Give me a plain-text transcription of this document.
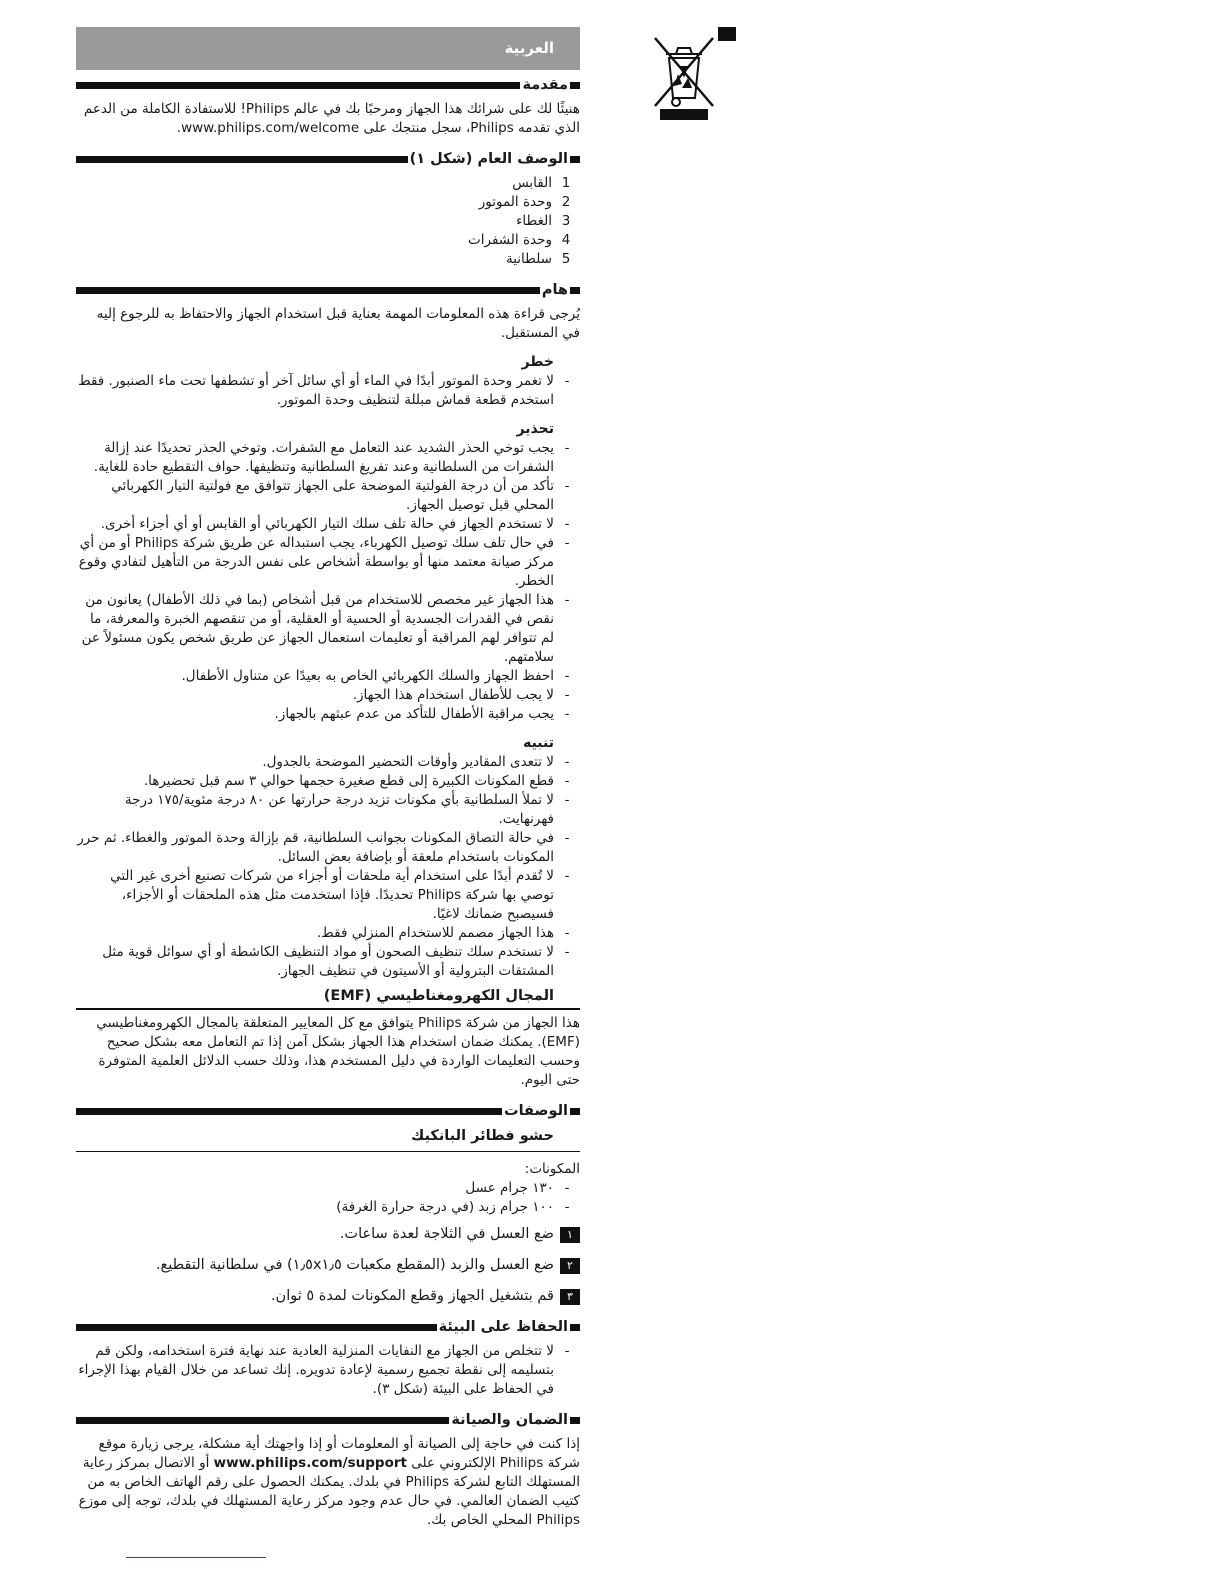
العربية
مقدمة
هنيئًا لك على شرائك هذا الجهاز ومرحبًا بك في عالم Philips! للاستفادة الكاملة من الدعم الذي تقدمه Philips، سجل منتجك على www.philips.com/welcome.
الوصف العام (شكل ١)
1
القابس
2
وحدة الموتور
3
الغطاء
4
وحدة الشفرات
5
سلطانية
هام
يُرجى قراءة هذه المعلومات المهمة بعناية قبل استخدام الجهاز والاحتفاظ به للرجوع إليه في المستقبل.
خطر
-
لا تغمر وحدة الموتور أبدًا في الماء أو أي سائل آخر أو تشطفها تحت ماء الصنبور. فقط استخدم قطعة قماش مبللة لتنظيف وحدة الموتور.
تحذير
-
يجب توخي الحذر الشديد عند التعامل مع الشفرات. وتوخي الحذر تحديدًا عند إزالة الشفرات من السلطانية وعند تفريغ السلطانية وتنظيفها. حواف التقطيع حادة للغاية.
-
تأكد من أن درجة الفولتية الموضحة على الجهاز تتوافق مع فولتية التيار الكهربائي المحلي قبل توصيل الجهاز.
-
لا تستخدم الجهاز في حالة تلف سلك التيار الكهربائي أو القابس أو أي أجزاء أخرى.
-
في حال تلف سلك توصيل الكهرباء، يجب استبداله عن طريق شركة Philips أو من أي مركز صيانة معتمد منها أو بواسطة أشخاص على نفس الدرجة من التأهيل لتفادي وقوع الخطر.
-
هذا الجهاز غير مخصص للاستخدام من قبل أشخاص (بما في ذلك الأطفال) يعانون من نقص في القدرات الجسدية أو الحسية أو العقلية، أو من تنقصهم الخبرة والمعرفة، ما لم تتوافر لهم المراقبة أو تعليمات استعمال الجهاز عن طريق شخص يكون مسئولاً عن سلامتهم.
-
احفظ الجهاز والسلك الكهربائي الخاص به بعيدًا عن متناول الأطفال.
-
لا يجب للأطفال استخدام هذا الجهاز.
-
يجب مراقبة الأطفال للتأكد من عدم عبثهم بالجهاز.
تنبيه
-
لا تتعدى المقادير وأوقات التحضير الموضحة بالجدول.
-
قطع المكونات الكبيرة إلى قطع صغيرة حجمها حوالي ٣ سم قبل تحضيرها.
-
لا تملأ السلطانية بأي مكونات تزيد درجة حرارتها عن ٨٠ درجة مئوية/١٧٥ درجة فهرنهايت.
-
في حالة التصاق المكونات بجوانب السلطانية، قم بإزالة وحدة الموتور والغطاء. ثم حرر المكونات باستخدام ملعقة أو بإضافة بعض السائل.
-
لا تُقدم أبدًا على استخدام أية ملحقات أو أجزاء من شركات تصنيع أخرى غير التي توصي بها شركة Philips تحديدًا. فإذا استخدمت مثل هذه الملحقات أو الأجزاء، فسيصبح ضمانك لاغيًا.
-
هذا الجهاز مصمم للاستخدام المنزلي فقط.
-
لا تستخدم سلك تنظيف الصحون أو مواد التنظيف الكاشطة أو أي سوائل قوية مثل المشتقات البترولية أو الأسيتون في تنظيف الجهاز.
المجال الكهرومغناطيسي (EMF)
هذا الجهاز من شركة Philips يتوافق مع كل المعايير المتعلقة بالمجال الكهرومغناطيسي (EMF). يمكنك ضمان استخدام هذا الجهاز بشكل آمن إذا تم التعامل معه بشكل صحيح وحسب التعليمات الواردة في دليل المستخدم هذا، وذلك حسب الدلائل العلمية المتوفرة حتى اليوم.
الوصفات
حشو فطائر البانكيك
المكونات:
-
١٣٠ جرام عسل
-
١٠٠ جرام زبد (في درجة حرارة الغرفة)
١
ضع العسل في الثلاجة لعدة ساعات.
٢
ضع العسل والزبد (المقطع مكعبات ١٫٥x١٫٥) في سلطانية التقطيع.
٣
قم بتشغيل الجهاز وقطع المكونات لمدة ٥ ثوان.
الحفاظ على البيئة
-
لا تتخلص من الجهاز مع النفايات المنزلية العادية عند نهاية فترة استخدامه، ولكن قم بتسليمه إلى نقطة تجميع رسمية لإعادة تدويره. إنك تساعد من خلال القيام بهذا الإجراء في الحفاظ على البيئة (شكل ٣).
الضمان والصيانة
إذا كنت في حاجة إلى الصيانة أو المعلومات أو إذا واجهتك أية مشكلة، يرجى زيارة موقع شركة Philips الإلكتروني على www.philips.com/support أو الاتصال بمركز رعاية المستهلك التابع لشركة Philips في بلدك. يمكنك الحصول على رقم الهاتف الخاص به من كتيب الضمان العالمي. في حال عدم وجود مركز رعاية المستهلك في بلدك، توجه إلى موزع Philips المحلي الخاص بك.
